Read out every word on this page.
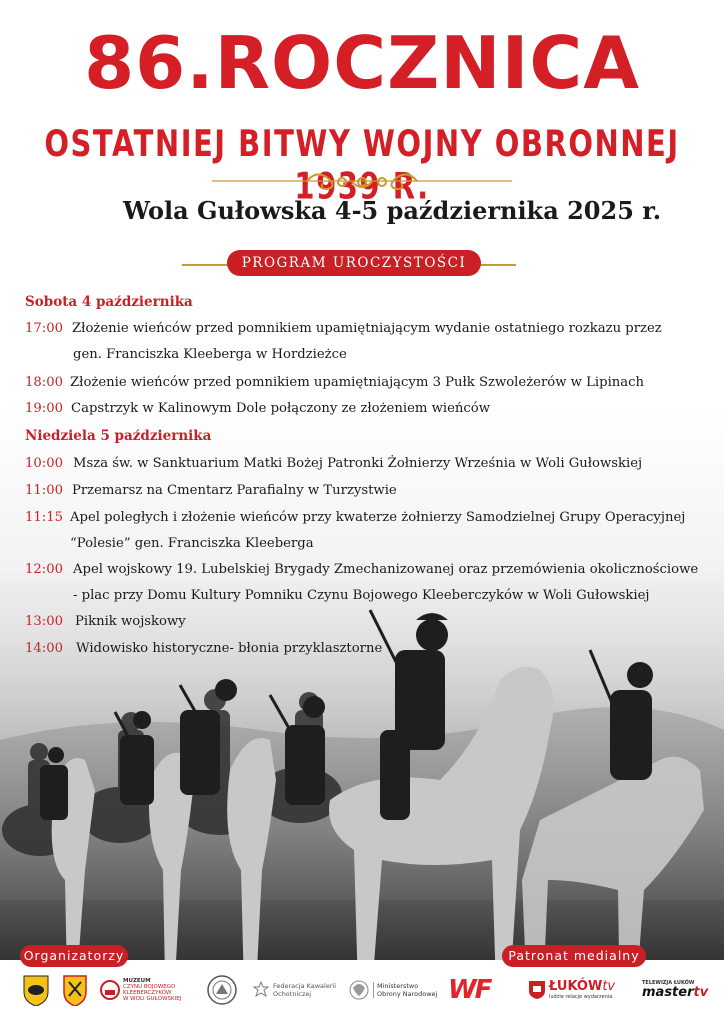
86.ROCZNICA
OSTATNIEJ BITWY WOJNY OBRONNEJ 1939 R.
Wola Gułowska 4-5 października 2025 r.
PROGRAM UROCZYSTOŚCI
Sobota 4 października
17:00 Złożenie wieńców przed pomnikiem upamiętniającym wydanie ostatniego rozkazu przez
gen. Franciszka Kleeberga w Hordzieżce
18:00 Złożenie wieńców przed pomnikiem upamiętniającym 3 Pułk Szwoleżerów w Lipinach
19:00 Capstrzyk w Kalinowym Dole połączony ze złożeniem wieńców
Niedziela 5 października
10:00 Msza św. w Sanktuarium Matki Bożej Patronki Żołnierzy Września w Woli Gułowskiej
11:00 Przemarsz na Cmentarz Parafialny w Turzystwie
11:15 Apel poległych i złożenie wieńców przy kwaterze żołnierzy Samodzielnej Grupy Operacyjnej
“Polesie” gen. Franciszka Kleeberga
12:00 Apel wojskowy 19. Lubelskiej Brygady Zmechanizowanej oraz przemówienia okolicznościowe
- plac przy Domu Kultury Pomniku Czynu Bojowego Kleeberczyków w Woli Gułowskiej
13:00 Piknik wojskowy
14:00 Widowisko historyczne- błonia przyklasztorne
Organizatorzy	Patronat medialny
MUZEUM
CZYNU BOJOWEGO
KLEEBERCZYKÓW
W WOLI GUŁOWSKIEJ
Federacja Kawalerii
Ochotniczej
Ministerstwo
Obrony Narodowej WF	ŁUKÓWtv
ludzie relacje wydarzenia
TELEWIZJA ŁUKÓW
mastertv
